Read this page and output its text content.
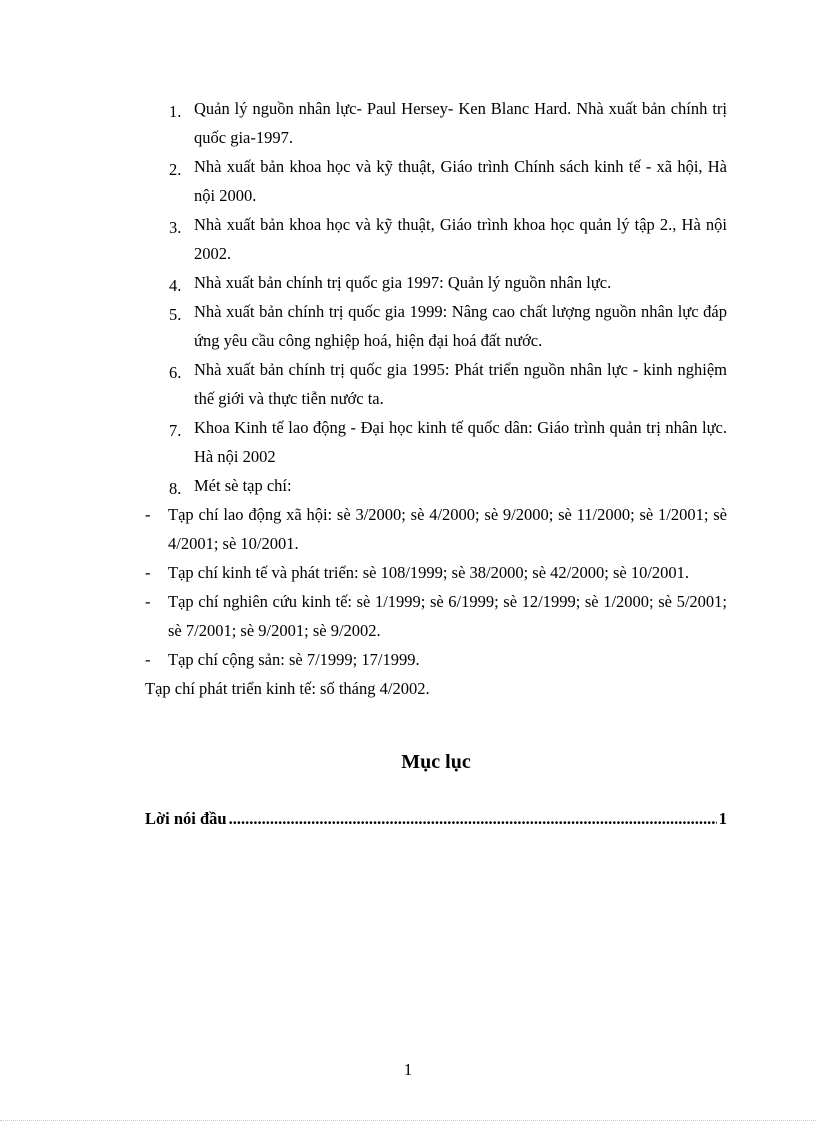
1. Quản lý nguồn nhân lực- Paul Hersey- Ken Blanc Hard. Nhà xuất bản chính trị quốc gia-1997.
2. Nhà xuất bản khoa học và kỹ thuật, Giáo trình Chính sách kinh tế - xã hội, Hà nội 2000.
3. Nhà xuất bản khoa học và kỹ thuật, Giáo trình khoa học quản lý tập 2., Hà nội 2002.
4. Nhà xuất bản chính trị quốc gia 1997: Quản lý nguồn nhân lực.
5. Nhà xuất bản chính trị quốc gia 1999: Nâng cao chất lượng nguồn nhân lực đáp ứng yêu cầu công nghiệp hoá, hiện đại hoá đất nước.
6. Nhà xuất bản chính trị quốc gia 1995: Phát triển nguồn nhân lực - kinh nghiệm thế giới và thực tiễn nước ta.
7. Khoa Kinh tế lao động - Đại học kinh tế quốc dân: Giáo trình quản trị nhân lực. Hà nội 2002
8. Mét sè tạp chí:
- Tạp chí lao động xã hội: sè 3/2000; sè 4/2000; sè 9/2000; sè 11/2000; sè 1/2001; sè 4/2001; sè 10/2001.
- Tạp chí kinh tế và phát triển: sè 108/1999; sè 38/2000; sè 42/2000; sè 10/2001.
- Tạp chí nghiên cứu kinh tế: sè 1/1999; sè 6/1999; sè 12/1999; sè 1/2000; sè 5/2001; sè 7/2001; sè 9/2001; sè 9/2002.
- Tạp chí cộng sản: sè 7/1999; 17/1999.
Tạp chí phát triển kinh tế: số tháng 4/2002.
Mục lục
Lời nói đầu
.....	1
1
